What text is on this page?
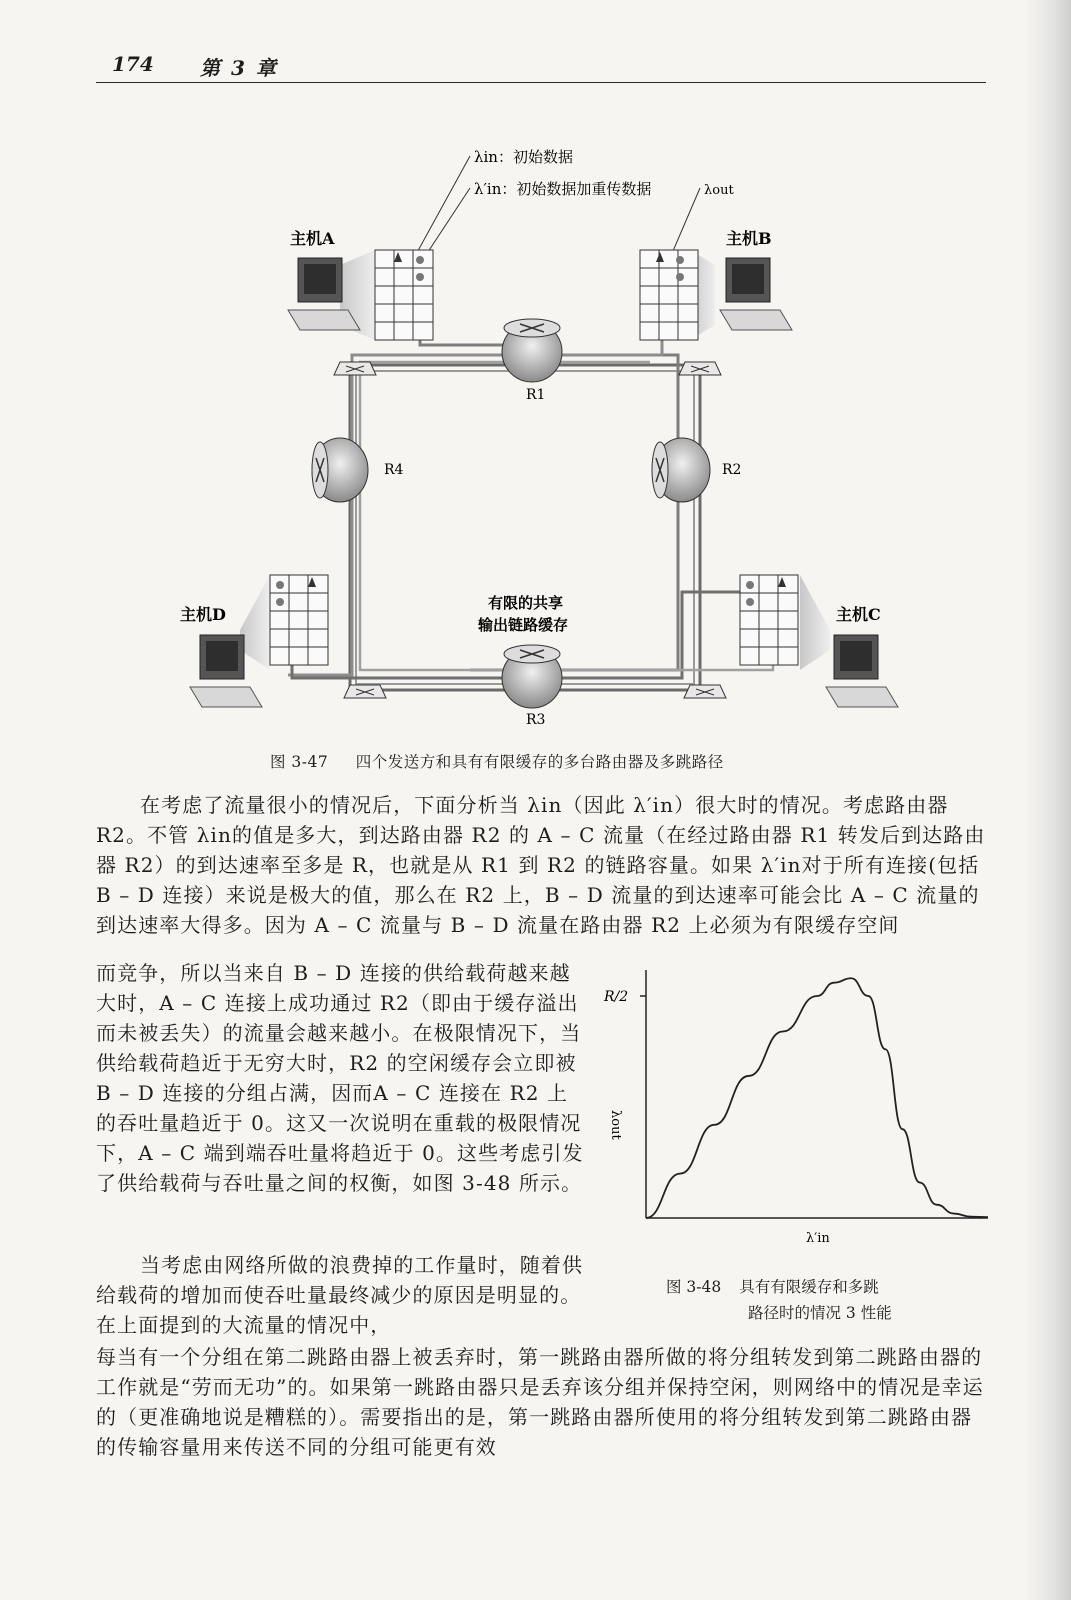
174 第 3 章
λin：初始数据
λ′in：初始数据加重传数据	λout
主机A	主机B
主机D	主机C
R1
R2
R4
有限的共享
输出链路缓存
R3
图 3-47 四个发送方和具有有限缓存的多台路由器及多跳路径

在考虑了流量很小的情况后，下面分析当 λin（因此 λ′in）很大时的情况。考虑路由器 R2。不管 λin的值是多大，到达路由器 R2 的 A – C 流量（在经过路由器 R1 转发后到达路由器 R2）的到达速率至多是 R，也就是从 R1 到 R2 的链路容量。如果 λ′in对于所有连接(包括 B – D 连接）来说是极大的值，那么在 R2 上，B – D 流量的到达速率可能会比 A – C 流量的到达速率大得多。因为 A – C 流量与 B – D 流量在路由器 R2 上必须为有限缓存空间

而竞争，所以当来自 B – D 连接的供给载荷越来越大时，A – C 连接上成功通过 R2（即由于缓存溢出而未被丢失）的流量会越来越小。在极限情况下，当供给载荷趋近于无穷大时，R2 的空闲缓存会立即被 B – D 连接的分组占满，因而A – C 连接在 R2 上的吞吐量趋近于 0。这又一次说明在重载的极限情况下，A – C 端到端吞吐量将趋近于 0。这些考虑引发了供给载荷与吞吐量之间的权衡，如图 3-48 所示。

当考虑由网络所做的浪费掉的工作量时，随着供给载荷的增加而使吞吐量最终减少的原因是明显的。在上面提到的大流量的情况中，

每当有一个分组在第二跳路由器上被丢弃时，第一跳路由器所做的将分组转发到第二跳路由器的工作就是“劳而无功”的。如果第一跳路由器只是丢弃该分组并保持空闲，则网络中的情况是幸运的（更准确地说是糟糕的）。需要指出的是，第一跳路由器所使用的将分组转发到第二跳路由器的传输容量用来传送不同的分组可能更有效

R/2
λout
λ′in
图 3-48 具有有限缓存和多跳
路径时的情况 3 性能
